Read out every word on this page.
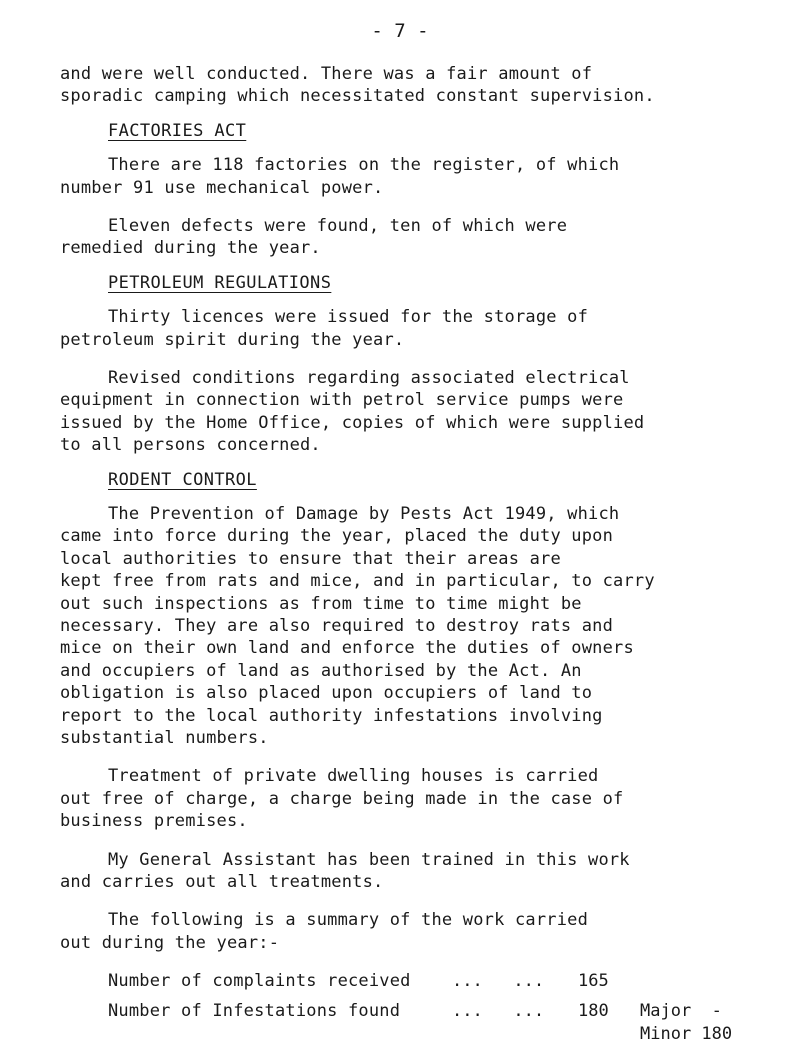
- 7 -
and were well conducted. There was a fair amount of
sporadic camping which necessitated constant supervision.
FACTORIES ACT
There are 118 factories on the register, of which
number 91 use mechanical power.
Eleven defects were found, ten of which were
remedied during the year.
PETROLEUM REGULATIONS
Thirty licences were issued for the storage of
petroleum spirit during the year.
Revised conditions regarding associated electrical
equipment in connection with petrol service pumps were
issued by the Home Office, copies of which were supplied
to all persons concerned.
RODENT CONTROL
The Prevention of Damage by Pests Act 1949, which
came into force during the year, placed the duty upon
local authorities to ensure that their areas are
kept free from rats and mice, and in particular, to carry
out such inspections as from time to time might be
necessary. They are also required to destroy rats and
mice on their own land and enforce the duties of owners
and occupiers of land as authorised by the Act. An
obligation is also placed upon occupiers of land to
report to the local authority infestations involving
substantial numbers.
Treatment of private dwelling houses is carried
out free of charge, a charge being made in the case of
business premises.
My General Assistant has been trained in this work
and carries out all treatments.
The following is a summary of the work carried
out during the year:-
Number of complaints received ...   ... 165
Number of Infestations found	...   ... 180 Major  -
Minor 180
